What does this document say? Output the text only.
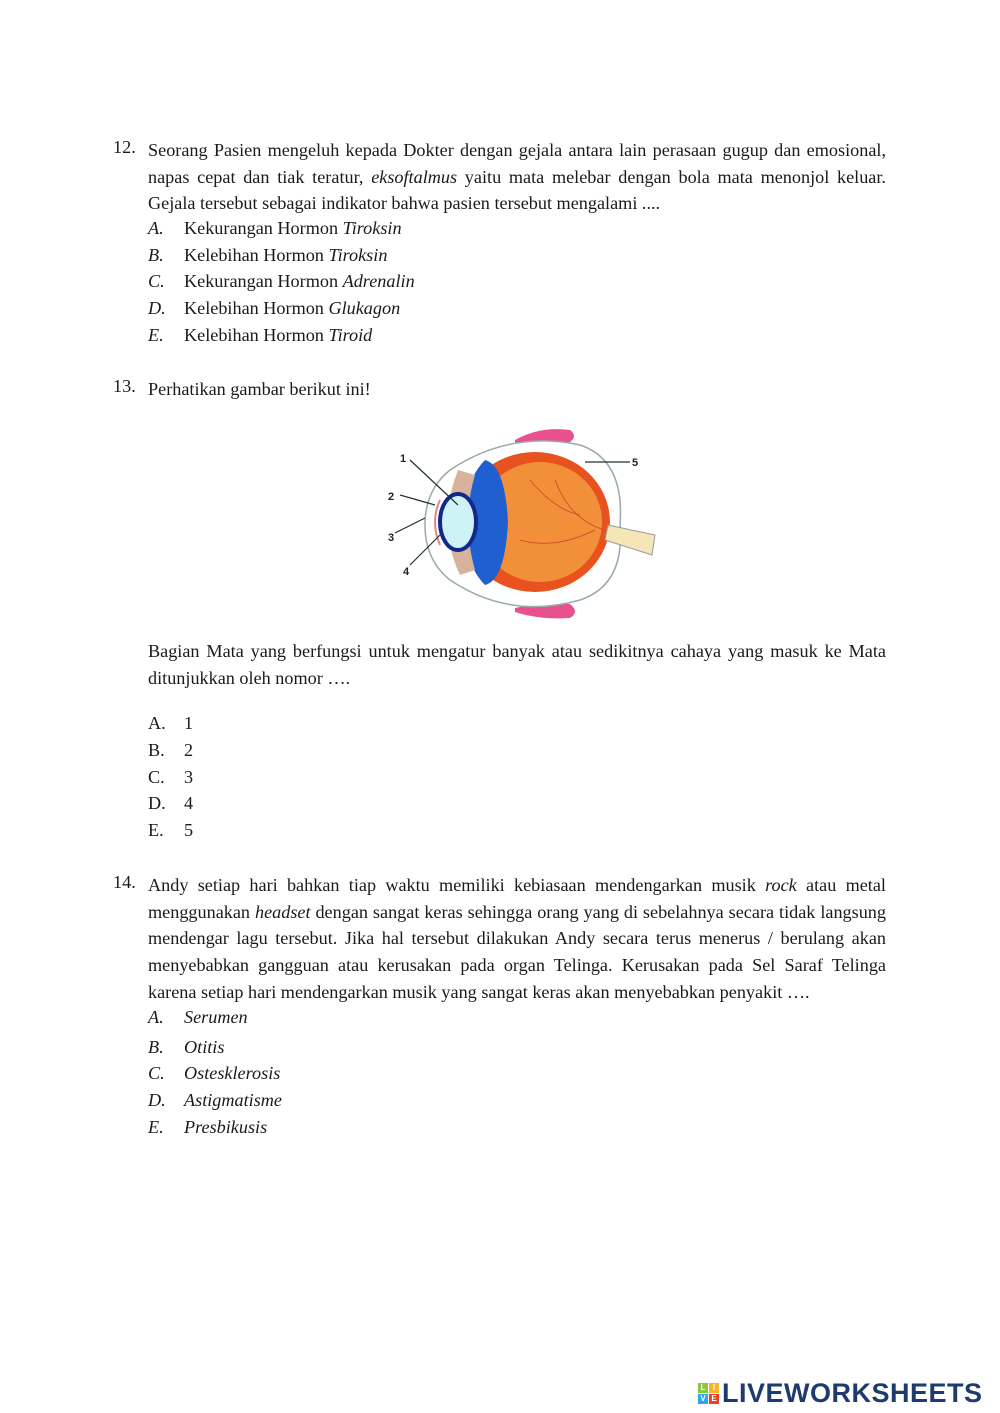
12. Seorang Pasien mengeluh kepada Dokter dengan gejala antara lain perasaan gugup dan emosional, napas cepat dan tiak teratur, eksoftalmus yaitu mata melebar dengan bola mata menonjol keluar. Gejala tersebut sebagai indikator bahwa pasien tersebut mengalami ....
A.	Kekurangan Hormon
Tiroksin
B.	Kelebihan Hormon
Tiroksin
C.	Kekurangan Hormon
Adrenalin
D.	Kelebihan Hormon
Glukagon
E.	Kelebihan Hormon
Tiroid
13. Perhatikan gambar berikut ini!
1
2
3
4
5
Bagian Mata yang berfungsi untuk mengatur banyak atau sedikitnya cahaya yang masuk ke Mata ditunjukkan oleh nomor ….
A.	1
B.	2
C.	3
D.	4
E.	5
14. Andy setiap hari bahkan tiap waktu memiliki kebiasaan mendengarkan musik rock atau metal menggunakan headset dengan sangat keras sehingga orang yang di sebelahnya secara tidak langsung mendengar lagu tersebut. Jika hal tersebut dilakukan Andy secara terus menerus / berulang akan menyebabkan gangguan atau kerusakan pada organ Telinga. Kerusakan pada Sel Saraf Telinga karena setiap hari mendengarkan musik yang sangat keras akan menyebabkan penyakit ….
A.	Serumen
B.	Otitis
C.	Ostesklerosis
D.	Astigmatisme
E.	Presbikusis
L I
V E LIVEWORKSHEETS
